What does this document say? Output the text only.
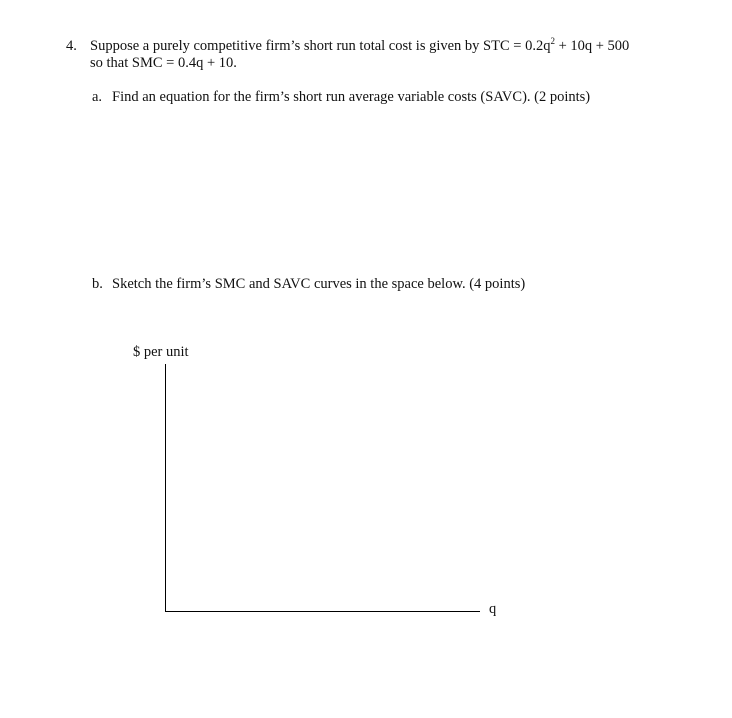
4. Suppose a purely competitive firm’s short run total cost is given by STC = $0.2q^2 + 10q + 500$
so that SMC = 0.4q + 10.
a. Find an equation for the firm’s short run average variable costs (SAVC). (2 points)
b. Sketch the firm’s SMC and SAVC curves in the space below. (4 points)
$ per unit
q
